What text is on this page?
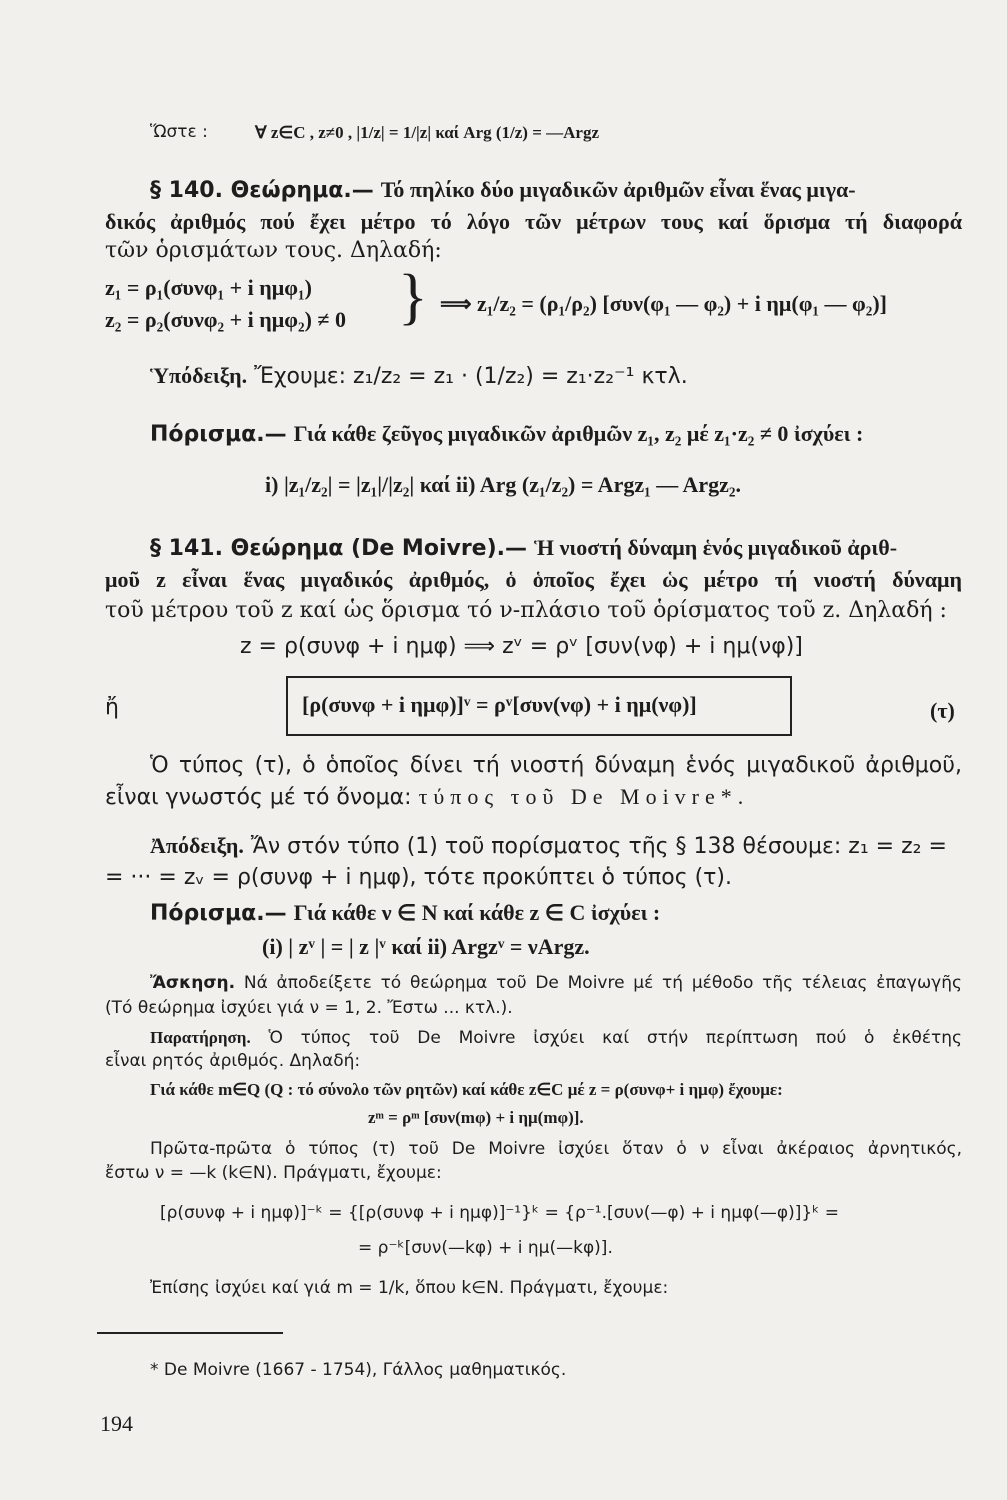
Ὥστε :	∀ z∈C , z≠0 , |1/z| = 1/|z| καί Arg (1/z) = —Argz
§ 140. Θεώρημα.— Τό πηλίκο δύο μιγαδικῶν ἀριθμῶν εἶναι ἕνας μιγα-
δικός ἀριθμός πού ἔχει μέτρο τό λόγο τῶν μέτρων τους καί ὅρισμα τή διαφορά
τῶν ὁρισμάτων τους. Δηλαδή:
z₁ = ρ₁(συνφ₁ + i ημφ₁)
z₂ = ρ₂(συνφ₂ + i ημφ₂) ≠ 0 } ⟹ z₁/z₂ = (ρ₁/ρ₂) [συν(φ₁ — φ₂) + i ημ(φ₁ — φ₂)]
Ὑπόδειξη. Ἔχουμε: z₁/z₂ = z₁ · (1/z₂) = z₁·z₂⁻¹ κτλ.
Πόρισμα.— Γιά κάθε ζεῦγος μιγαδικῶν ἀριθμῶν z₁, z₂ μέ z₁·z₂ ≠ 0 ἰσχύει :
i) |z₁/z₂| = |z₁|/|z₂| καί ii) Arg (z₁/z₂) = Argz₁ — Argz₂.
§ 141. Θεώρημα (De Moivre).— Ἡ νιοστή δύναμη ἑνός μιγαδικοῦ ἀριθ-
μοῦ z εἶναι ἕνας μιγαδικός ἀριθμός, ὁ ὁποῖος ἔχει ὡς μέτρο τή νιοστή δύναμη
τοῦ μέτρου τοῦ z καί ὡς ὅρισμα τό ν-πλάσιο τοῦ ὁρίσματος τοῦ z. Δηλαδή :
z = ρ(συνφ + i ημφ) ⟹ zᵛ = ρᵛ [συν(νφ) + i ημ(νφ)]
ἤ	[ρ(συνφ + i ημφ)]ᵛ = ρᵛ[συν(νφ) + i ημ(νφ)]	(τ)
Ὁ τύπος (τ), ὁ ὁποῖος δίνει τή νιοστή δύναμη ἑνός μιγαδικοῦ ἀριθμοῦ,
εἶναι γνωστός μέ τό ὄνομα: τύπος τοῦ De Moivre*.
Ἀπόδειξη. Ἄν στόν τύπο (1) τοῦ πορίσματος τῆς § 138 θέσουμε: z₁ = z₂ =
= ··· = zᵥ = ρ(συνφ + i ημφ), τότε προκύπτει ὁ τύπος (τ).
Πόρισμα.— Γιά κάθε ν ∈ N καί κάθε z ∈ C ἰσχύει :
(i) | zᵛ | = | z |ᵛ καί ii) Argzᵛ = νArgz.
Ἄσκηση. Νά ἀποδείξετε τό θεώρημα τοῦ De Moivre μέ τή μέθοδο τῆς τέλειας ἐπαγωγῆς
(Τό θεώρημα ἰσχύει γιά ν = 1, 2. Ἔστω ... κτλ.).
Παρατήρηση. Ὁ τύπος τοῦ De Moivre ἰσχύει καί στήν περίπτωση πού ὁ ἐκθέτης
εἶναι ρητός ἀριθμός. Δηλαδή:
Γιά κάθε m∈Q (Q : τό σύνολο τῶν ρητῶν) καί κάθε z∈C μέ z = ρ(συνφ+ i ημφ) ἔχουμε:
zᵐ = ρᵐ [συν(mφ) + i ημ(mφ)].
Πρῶτα-πρῶτα ὁ τύπος (τ) τοῦ De Moivre ἰσχύει ὅταν ὁ ν εἶναι ἀκέραιος ἀρνητικός,
ἔστω ν = —k (k∈N). Πράγματι, ἔχουμε:
[ρ(συνφ + i ημφ)]⁻ᵏ = {[ρ(συνφ + i ημφ)]⁻¹}ᵏ = {ρ⁻¹.[συν(—φ) + i ημφ(—φ)]}ᵏ =
= ρ⁻ᵏ[συν(—kφ) + i ημ(—kφ)].
Ἐπίσης ἰσχύει καί γιά m = 1/k, ὅπου k∈N. Πράγματι, ἔχουμε:
* De Moivre (1667 - 1754), Γάλλος μαθηματικός.
194
